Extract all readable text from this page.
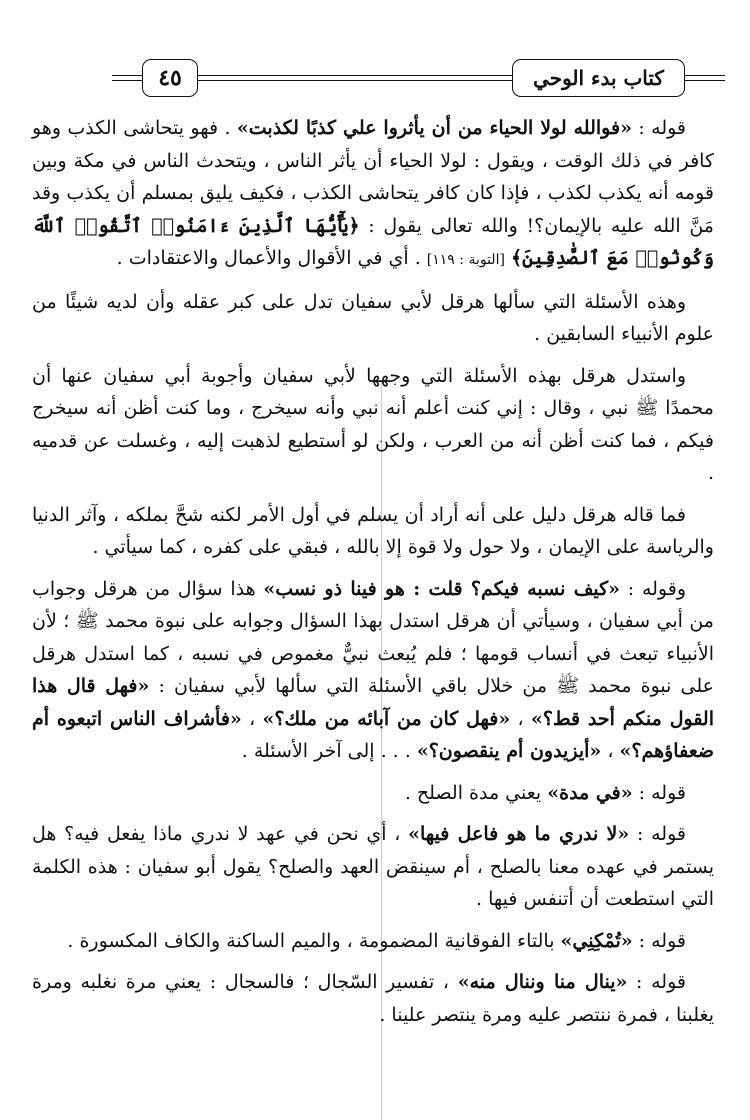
كتاب بدء الوحي
٤٥

قوله : «فوالله لولا الحياء من أن يأثروا علي كذبًا لكذبت» . فهو يتحاشى الكذب وهو كافر في ذلك الوقت ، ويقول : لولا الحياء أن يأثر الناس ، ويتحدث الناس في مكة وبين قومه أنه يكذب لكذب ، فإذا كان كافر يتحاشى الكذب ، فكيف يليق بمسلم أن يكذب وقد مَنَّ الله عليه بالإيمان؟! والله تعالى يقول : ﴿يَٰٓأَيُّهَا ٱلَّذِينَ ءَامَنُوا۟ ٱتَّقُوا۟ ٱللَّهَ وَكُونُوا۟ مَعَ ٱلصَّٰدِقِينَ﴾ [التوبة : ١١٩] . أي في الأقوال والأعمال والاعتقادات .

وهذه الأسئلة التي سألها هرقل لأبي سفيان تدل على كبر عقله وأن لديه شيئًا من علوم الأنبياء السابقين .

واستدل هرقل بهذه الأسئلة التي وجهها لأبي سفيان وأجوبة أبي سفيان عنها أن محمدًا ﷺ نبي ، وقال : إني كنت أعلم أنه نبي وأنه سيخرج ، وما كنت أظن أنه سيخرج فيكم ، فما كنت أظن أنه من العرب ، ولكن لو أستطيع لذهبت إليه ، وغسلت عن قدميه .

فما قاله هرقل دليل على أنه أراد أن يسلم في أول الأمر لكنه شحَّ بملكه ، وآثر الدنيا والرياسة على الإيمان ، ولا حول ولا قوة إلا بالله ، فبقي على كفره ، كما سيأتي .

وقوله : «كيف نسبه فيكم؟ قلت : هو فينا ذو نسب» هذا سؤال من هرقل وجواب من أبي سفيان ، وسيأتي أن هرقل استدل بهذا السؤال وجوابه على نبوة محمد ﷺ ؛ لأن الأنبياء تبعث في أنساب قومها ؛ فلم يُبعث نبيٌّ مغموص في نسبه ، كما استدل هرقل على نبوة محمد ﷺ من خلال باقي الأسئلة التي سألها لأبي سفيان : «فهل قال هذا القول منكم أحد قط؟» ، «فهل كان من آبائه من ملك؟» ، «فأشراف الناس اتبعوه أم ضعفاؤهم؟» ، «أيزيدون أم ينقصون؟» . . . إلى آخر الأسئلة .

قوله : «في مدة» يعني مدة الصلح .

قوله : «لا ندري ما هو فاعل فيها» ، أي نحن في عهد لا ندري ماذا يفعل فيه؟ هل يستمر في عهده معنا بالصلح ، أم سينقض العهد والصلح؟ يقول أبو سفيان : هذه الكلمة التي استطعت أن أتنفس فيها .

قوله : «تُمْكِنِي» بالتاء الفوقانية المضمومة ، والميم الساكنة والكاف المكسورة .

قوله : «ينال منا وننال منه» ، تفسير السّجال ؛ فالسجال : يعني مرة نغلبه ومرة يغلبنا ، فمرة ننتصر عليه ومرة ينتصر علينا .
